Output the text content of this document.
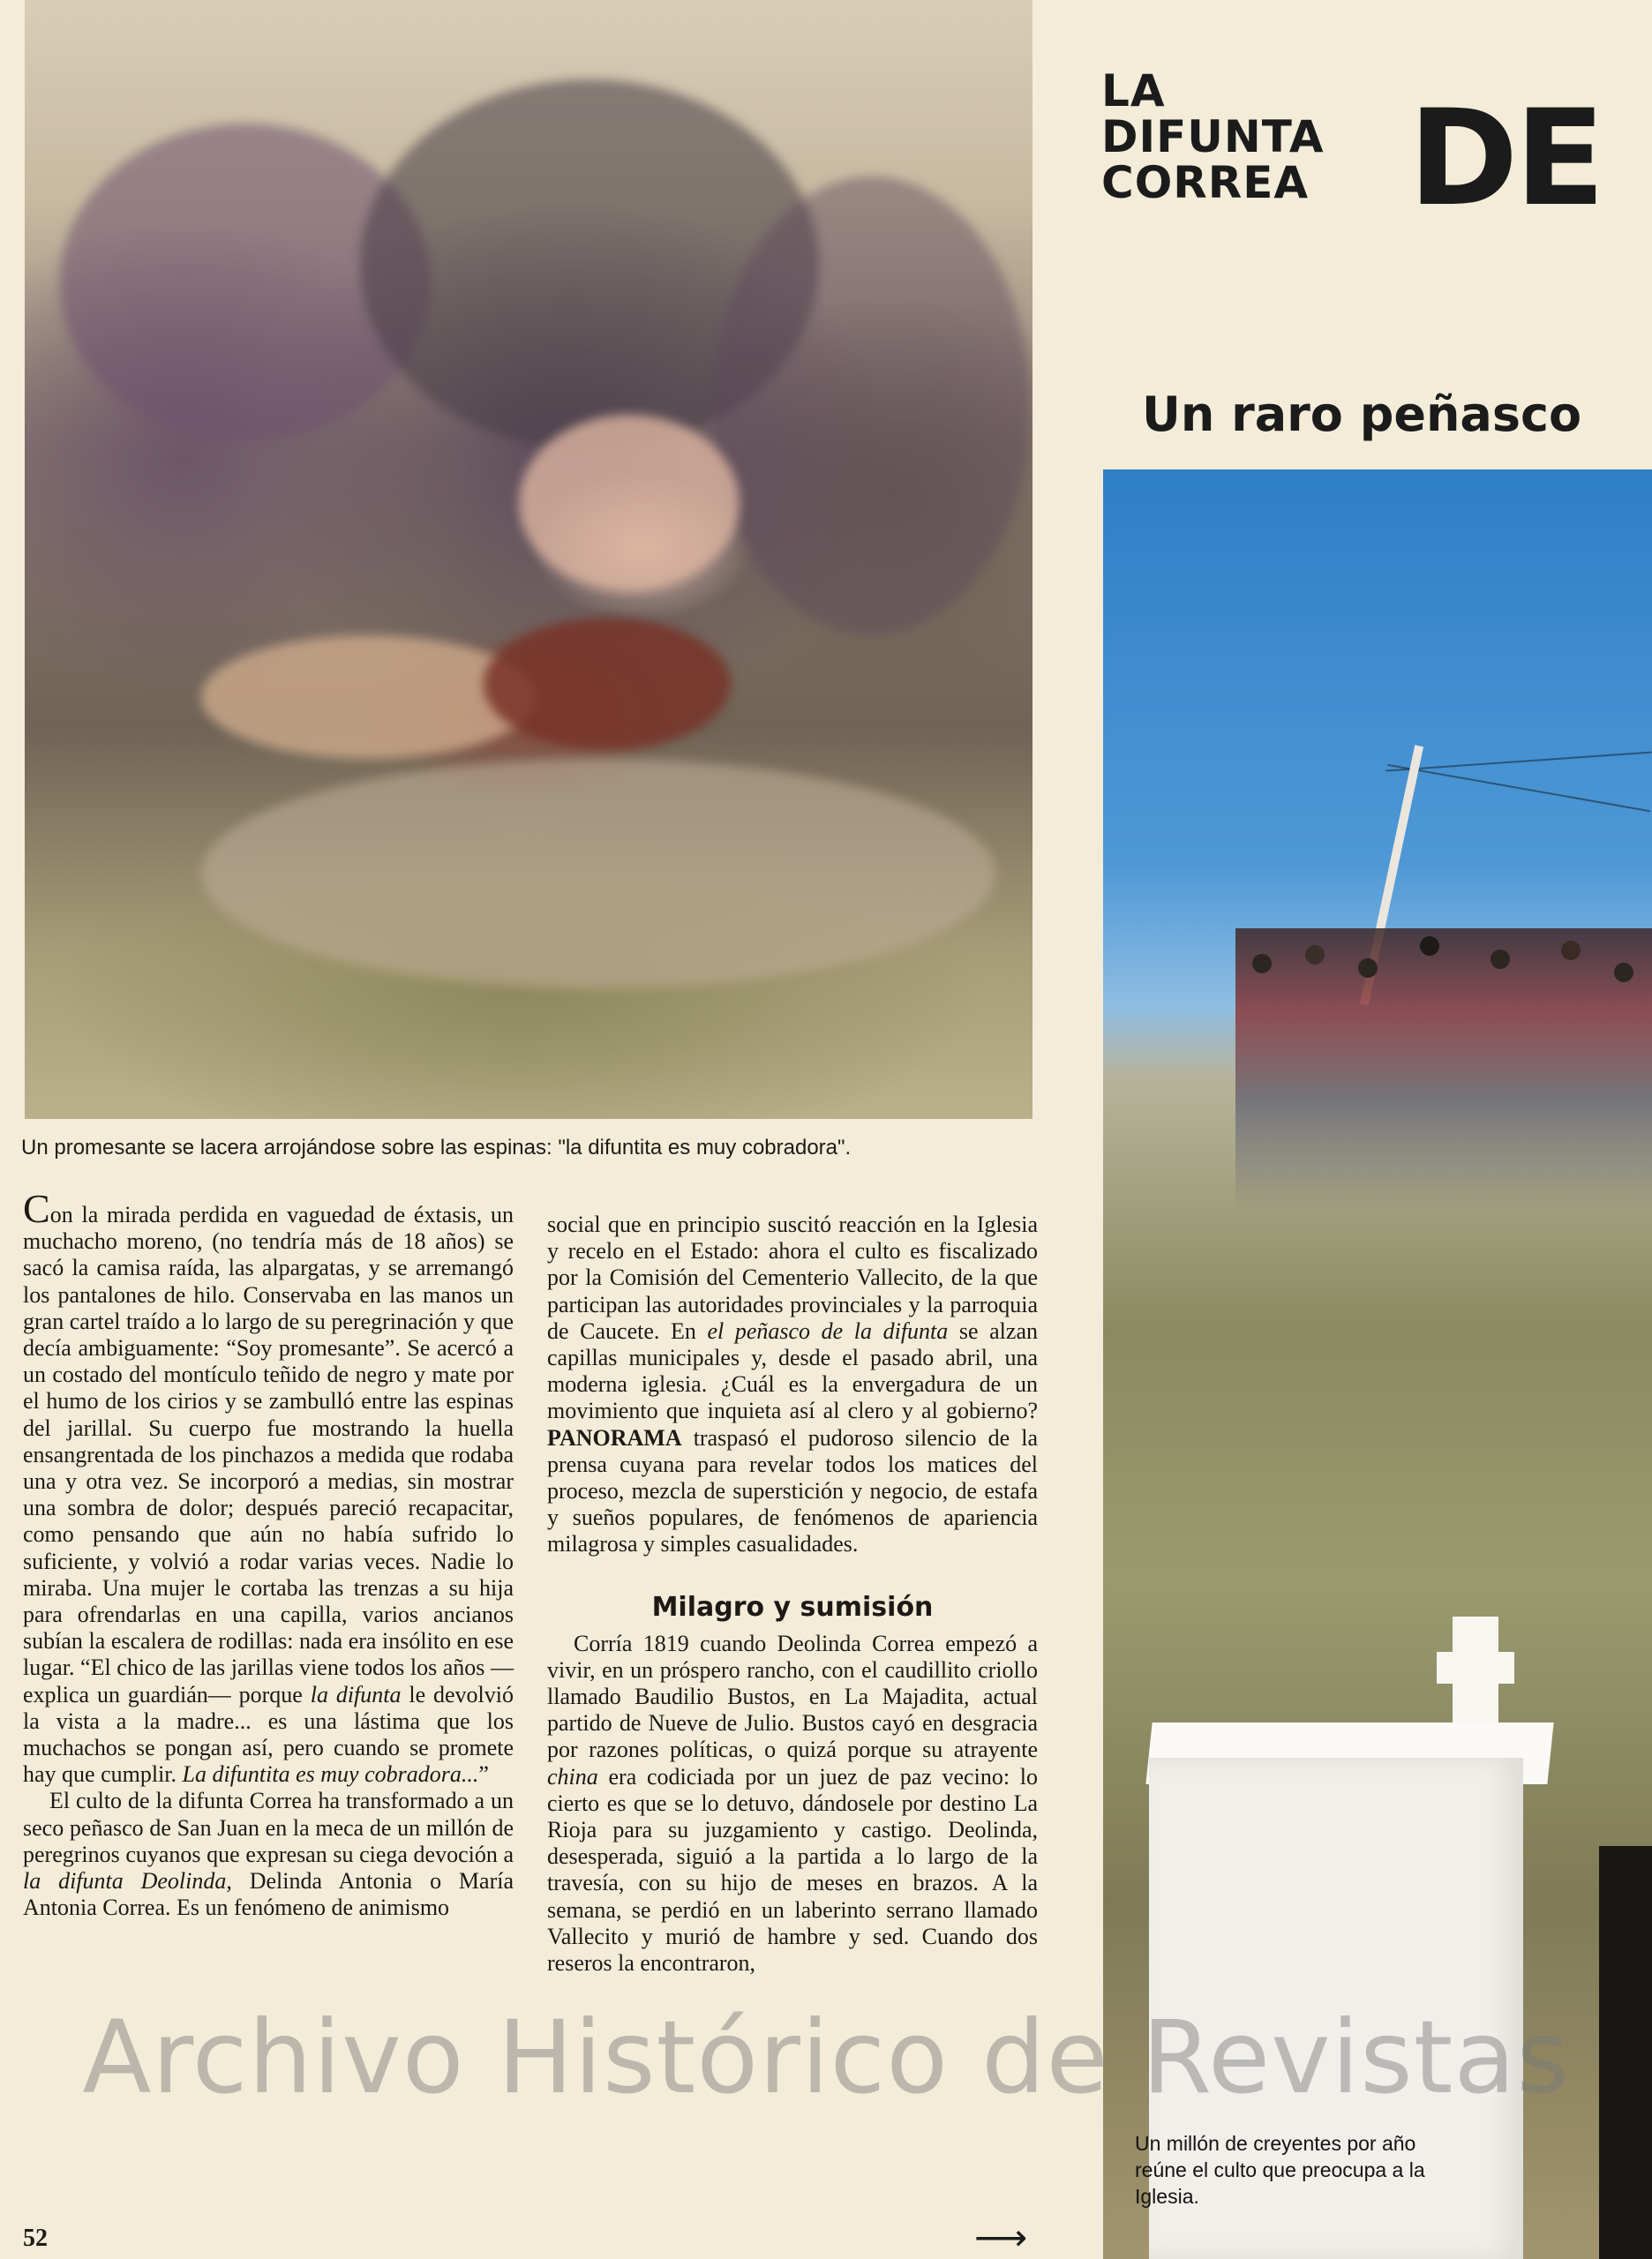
Un promesante se lacera arrojándose sobre las espinas: "la difuntita es muy cobradora".
LA
DIFUNTA
CORREA DE
Un raro peñasco

Con la mirada perdida en vaguedad de éxtasis, un muchacho moreno, (no tendría más de 18 años) se sacó la camisa raída, las alpargatas, y se arremangó los pantalones de hilo. Conservaba en las manos un gran cartel traído a lo largo de su peregrinación y que decía ambiguamente: “Soy promesante”. Se acercó a un costado del montículo teñido de negro y mate por el humo de los cirios y se zambulló entre las espinas del jarillal. Su cuerpo fue mostrando la huella ensangrentada de los pinchazos a medida que rodaba una y otra vez. Se incorporó a medias, sin mostrar una sombra de dolor; después pareció recapacitar, como pensando que aún no había sufrido lo suficiente, y volvió a rodar varias veces. Nadie lo miraba. Una mujer le cortaba las trenzas a su hija para ofrendarlas en una capilla, varios ancianos subían la escalera de rodillas: nada era insólito en ese lugar. “El chico de las jarillas viene todos los años —explica un guardián— porque la difunta le devolvió la vista a la madre... es una lástima que los muchachos se pongan así, pero cuando se promete hay que cumplir. La difuntita es muy cobradora...”

El culto de la difunta Correa ha transformado a un seco peñasco de San Juan en la meca de un millón de peregrinos cuyanos que expresan su ciega devoción a la difunta Deolinda, Delinda Antonia o María Antonia Correa. Es un fenómeno de animismo

social que en principio suscitó reacción en la Iglesia y recelo en el Estado: ahora el culto es fiscalizado por la Comisión del Cementerio Vallecito, de la que participan las autoridades provinciales y la parroquia de Caucete. En el peñasco de la difunta se alzan capillas municipales y, desde el pasado abril, una moderna iglesia. ¿Cuál es la envergadura de un movimiento que inquieta así al clero y al gobierno? PANORAMA traspasó el pudoroso silencio de la prensa cuyana para revelar todos los matices del proceso, mezcla de superstición y negocio, de estafa y sueños populares, de fenómenos de apariencia milagrosa y simples casualidades.

Milagro y sumisión

Corría 1819 cuando Deolinda Correa empezó a vivir, en un próspero rancho, con el caudillito criollo llamado Baudilio Bustos, en La Majadita, actual partido de Nueve de Julio. Bustos cayó en desgracia por razones políticas, o quizá porque su atrayente china era codiciada por un juez de paz vecino: lo cierto es que se lo detuvo, dándosele por destino La Rioja para su juzgamiento y castigo. Deolinda, desesperada, siguió a la partida a lo largo de la travesía, con su hijo de meses en brazos. A la semana, se perdió en un laberinto serrano llamado Vallecito y murió de hambre y sed. Cuando dos reseros la encontraron,

Un millón de creyentes por año reúne el culto que preocupa a la Iglesia.
Archivo Histórico de Revistas
52	⟶
